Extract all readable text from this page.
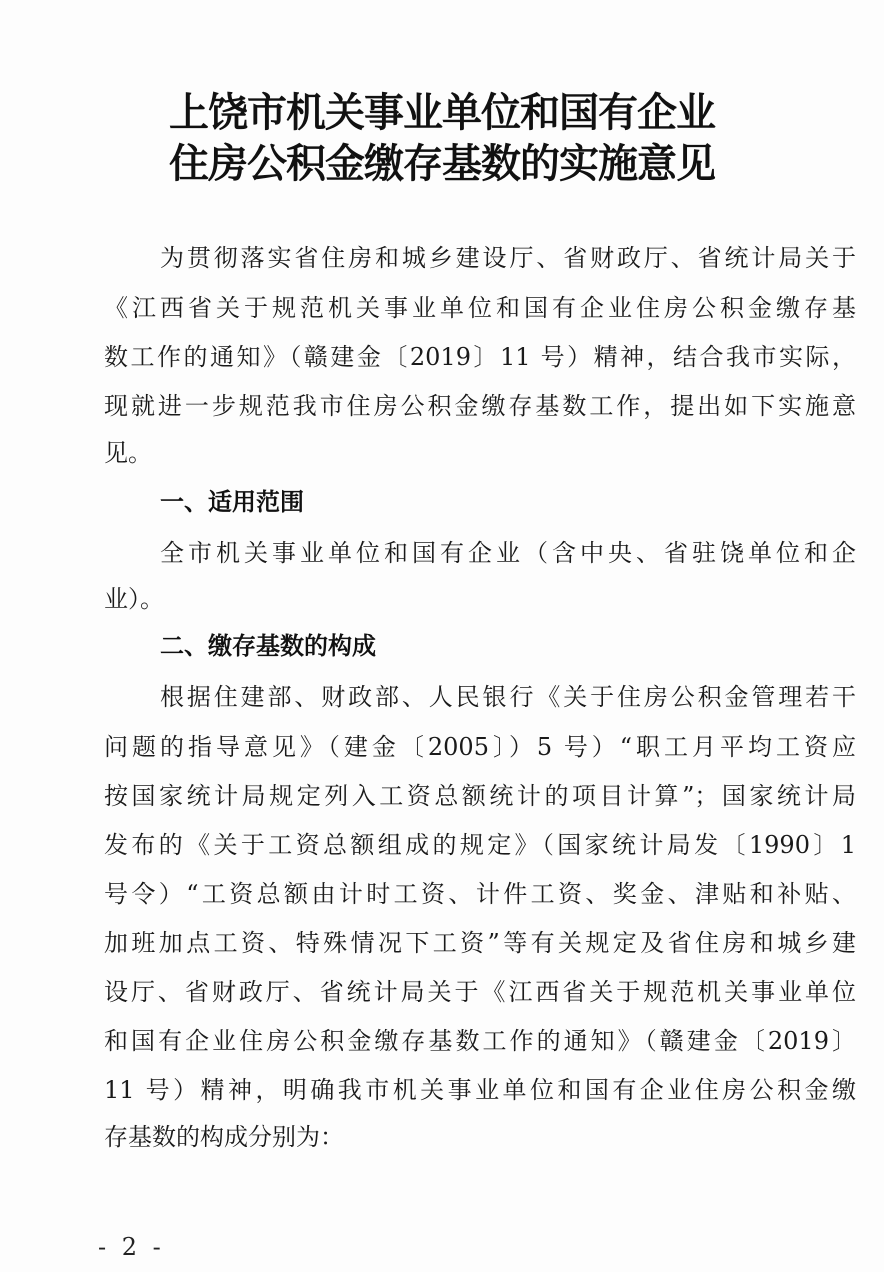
上饶市机关事业单位和国有企业
住房公积金缴存基数的实施意见
为贯彻落实省住房和城乡建设厅、省财政厅、省统计局关于
《江西省关于规范机关事业单位和国有企业住房公积金缴存基
数工作的通知》（赣建金〔2019〕11 号）精神，结合我市实际，
现就进一步规范我市住房公积金缴存基数工作，提出如下实施意
见。
一、适用范围
全市机关事业单位和国有企业（含中央、省驻饶单位和企
业）。
二、缴存基数的构成
根据住建部、财政部、人民银行《关于住房公积金管理若干
问题的指导意见》（建金〔2005〕）5 号）“职工月平均工资应
按国家统计局规定列入工资总额统计的项目计算”；国家统计局
发布的《关于工资总额组成的规定》（国家统计局发〔1990〕1
号令）“工资总额由计时工资、计件工资、奖金、津贴和补贴、
加班加点工资、特殊情况下工资”等有关规定及省住房和城乡建
设厅、省财政厅、省统计局关于《江西省关于规范机关事业单位
和国有企业住房公积金缴存基数工作的通知》（赣建金〔2019〕
11 号）精神，明确我市机关事业单位和国有企业住房公积金缴
存基数的构成分别为：
- 2 -
